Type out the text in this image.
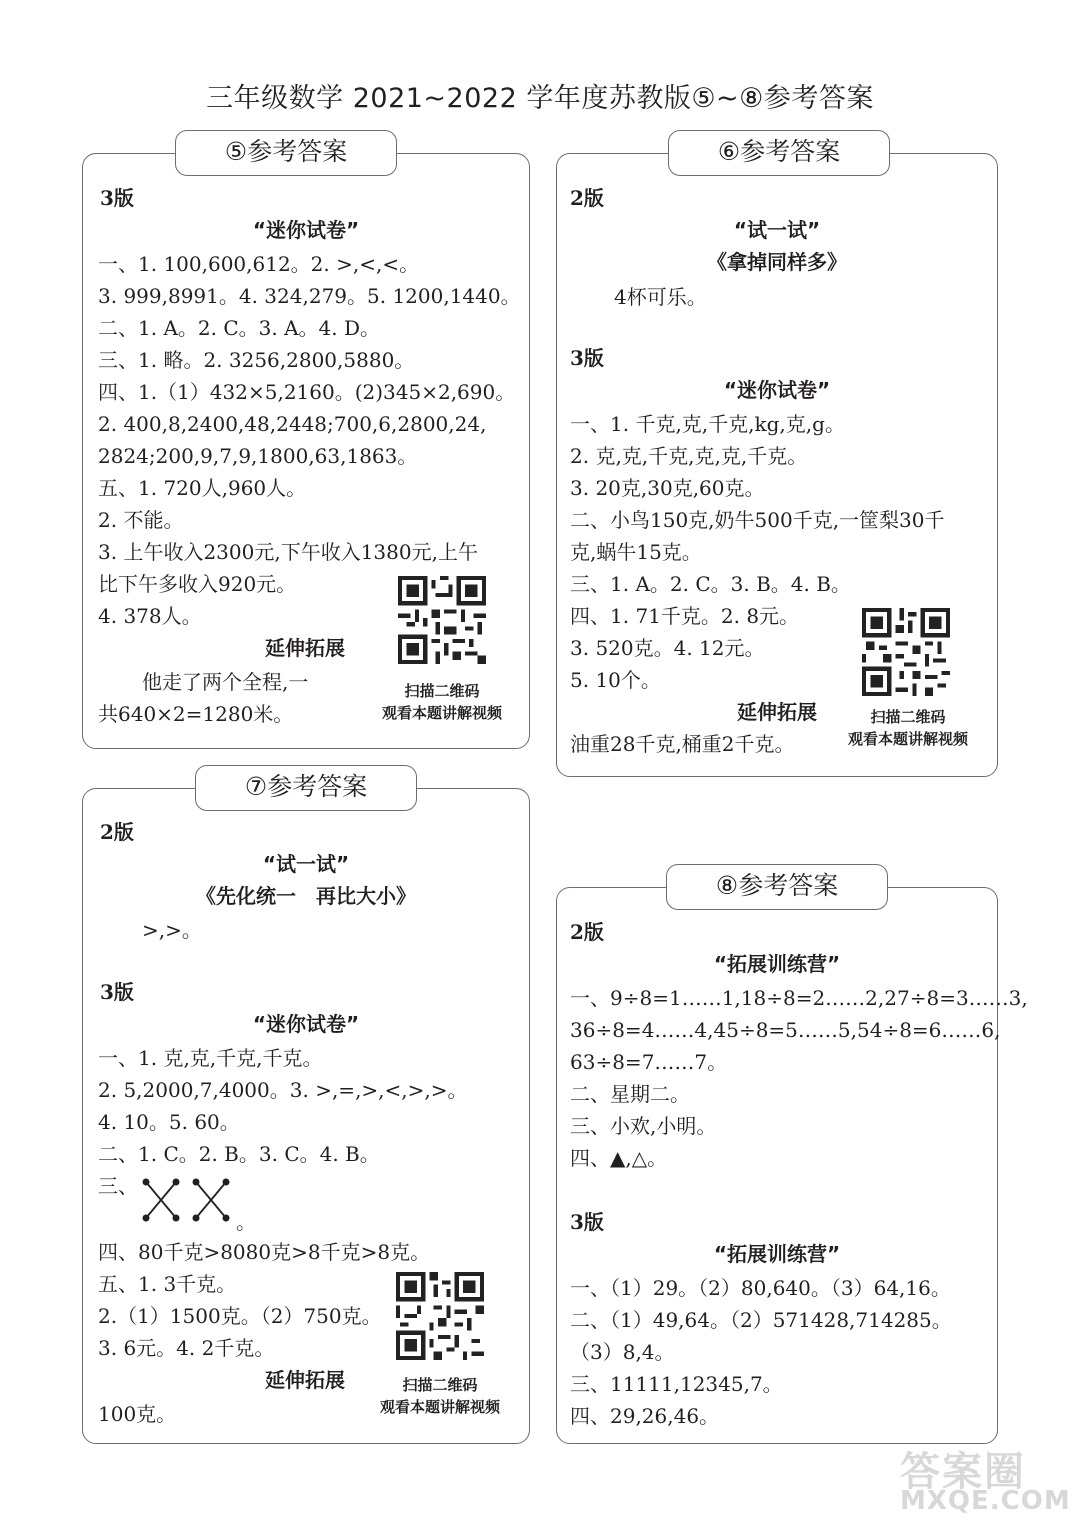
三年级数学 2021~2022 学年度苏教版⑤~⑧参考答案
⑤参考答案
3版
“迷你试卷”
一、1. 100,600,612。2. >,<,<。
3. 999,8991。4. 324,279。5. 1200,1440。
二、1. A。2. C。3. A。4. D。
三、1. 略。2. 3256,2800,5880。
四、1.（1）432×5,2160。(2)345×2,690。
2. 400,8,2400,48,2448;700,6,2800,24,
2824;200,9,7,9,1800,63,1863。
五、1. 720人,960人。
2. 不能。
3. 上午收入2300元,下午收入1380元,上午
比下午多收入920元。
4. 378人。
延伸拓展
他走了两个全程,一
共640×2=1280米。
扫描二维码
观看本题讲解视频
⑥参考答案
2版
“试一试”
《拿掉同样多》
4杯可乐。
3版
“迷你试卷”
一、1. 千克,克,千克,kg,克,g。
2. 克,克,千克,克,克,千克。
3. 20克,30克,60克。
二、小鸟150克,奶牛500千克,一筐梨30千
克,蜗牛15克。
三、1. A。2. C。3. B。4. B。
四、1. 71千克。2. 8元。
3. 520克。4. 12元。
5. 10个。
延伸拓展
油重28千克,桶重2千克。
扫描二维码
观看本题讲解视频
⑦参考答案
2版
“试一试”
《先化统一　再比大小》
>,>。
3版
“迷你试卷”
一、1. 克,克,千克,千克。
2. 5,2000,7,4000。3. >,=,>,<,>,>。
4. 10。5. 60。
二、1. C。2. B。3. C。4. B。
三、
。
四、80千克>8080克>8千克>8克。
五、1. 3千克。
2.（1）1500克。（2）750克。
3. 6元。4. 2千克。
延伸拓展
100克。
扫描二维码
观看本题讲解视频
⑧参考答案
2版
“拓展训练营”
一、9÷8=1……1,18÷8=2……2,27÷8=3……3,
36÷8=4……4,45÷8=5……5,54÷8=6……6,
63÷8=7……7。
二、星期二。
三、小欢,小明。
四、▲,△。
3版
“拓展训练营”
一、（1）29。（2）80,640。（3）64,16。
二、（1）49,64。（2）571428,714285。
（3）8,4。
三、11111,12345,7。
四、29,26,46。
答案圈
MXQE.COM
